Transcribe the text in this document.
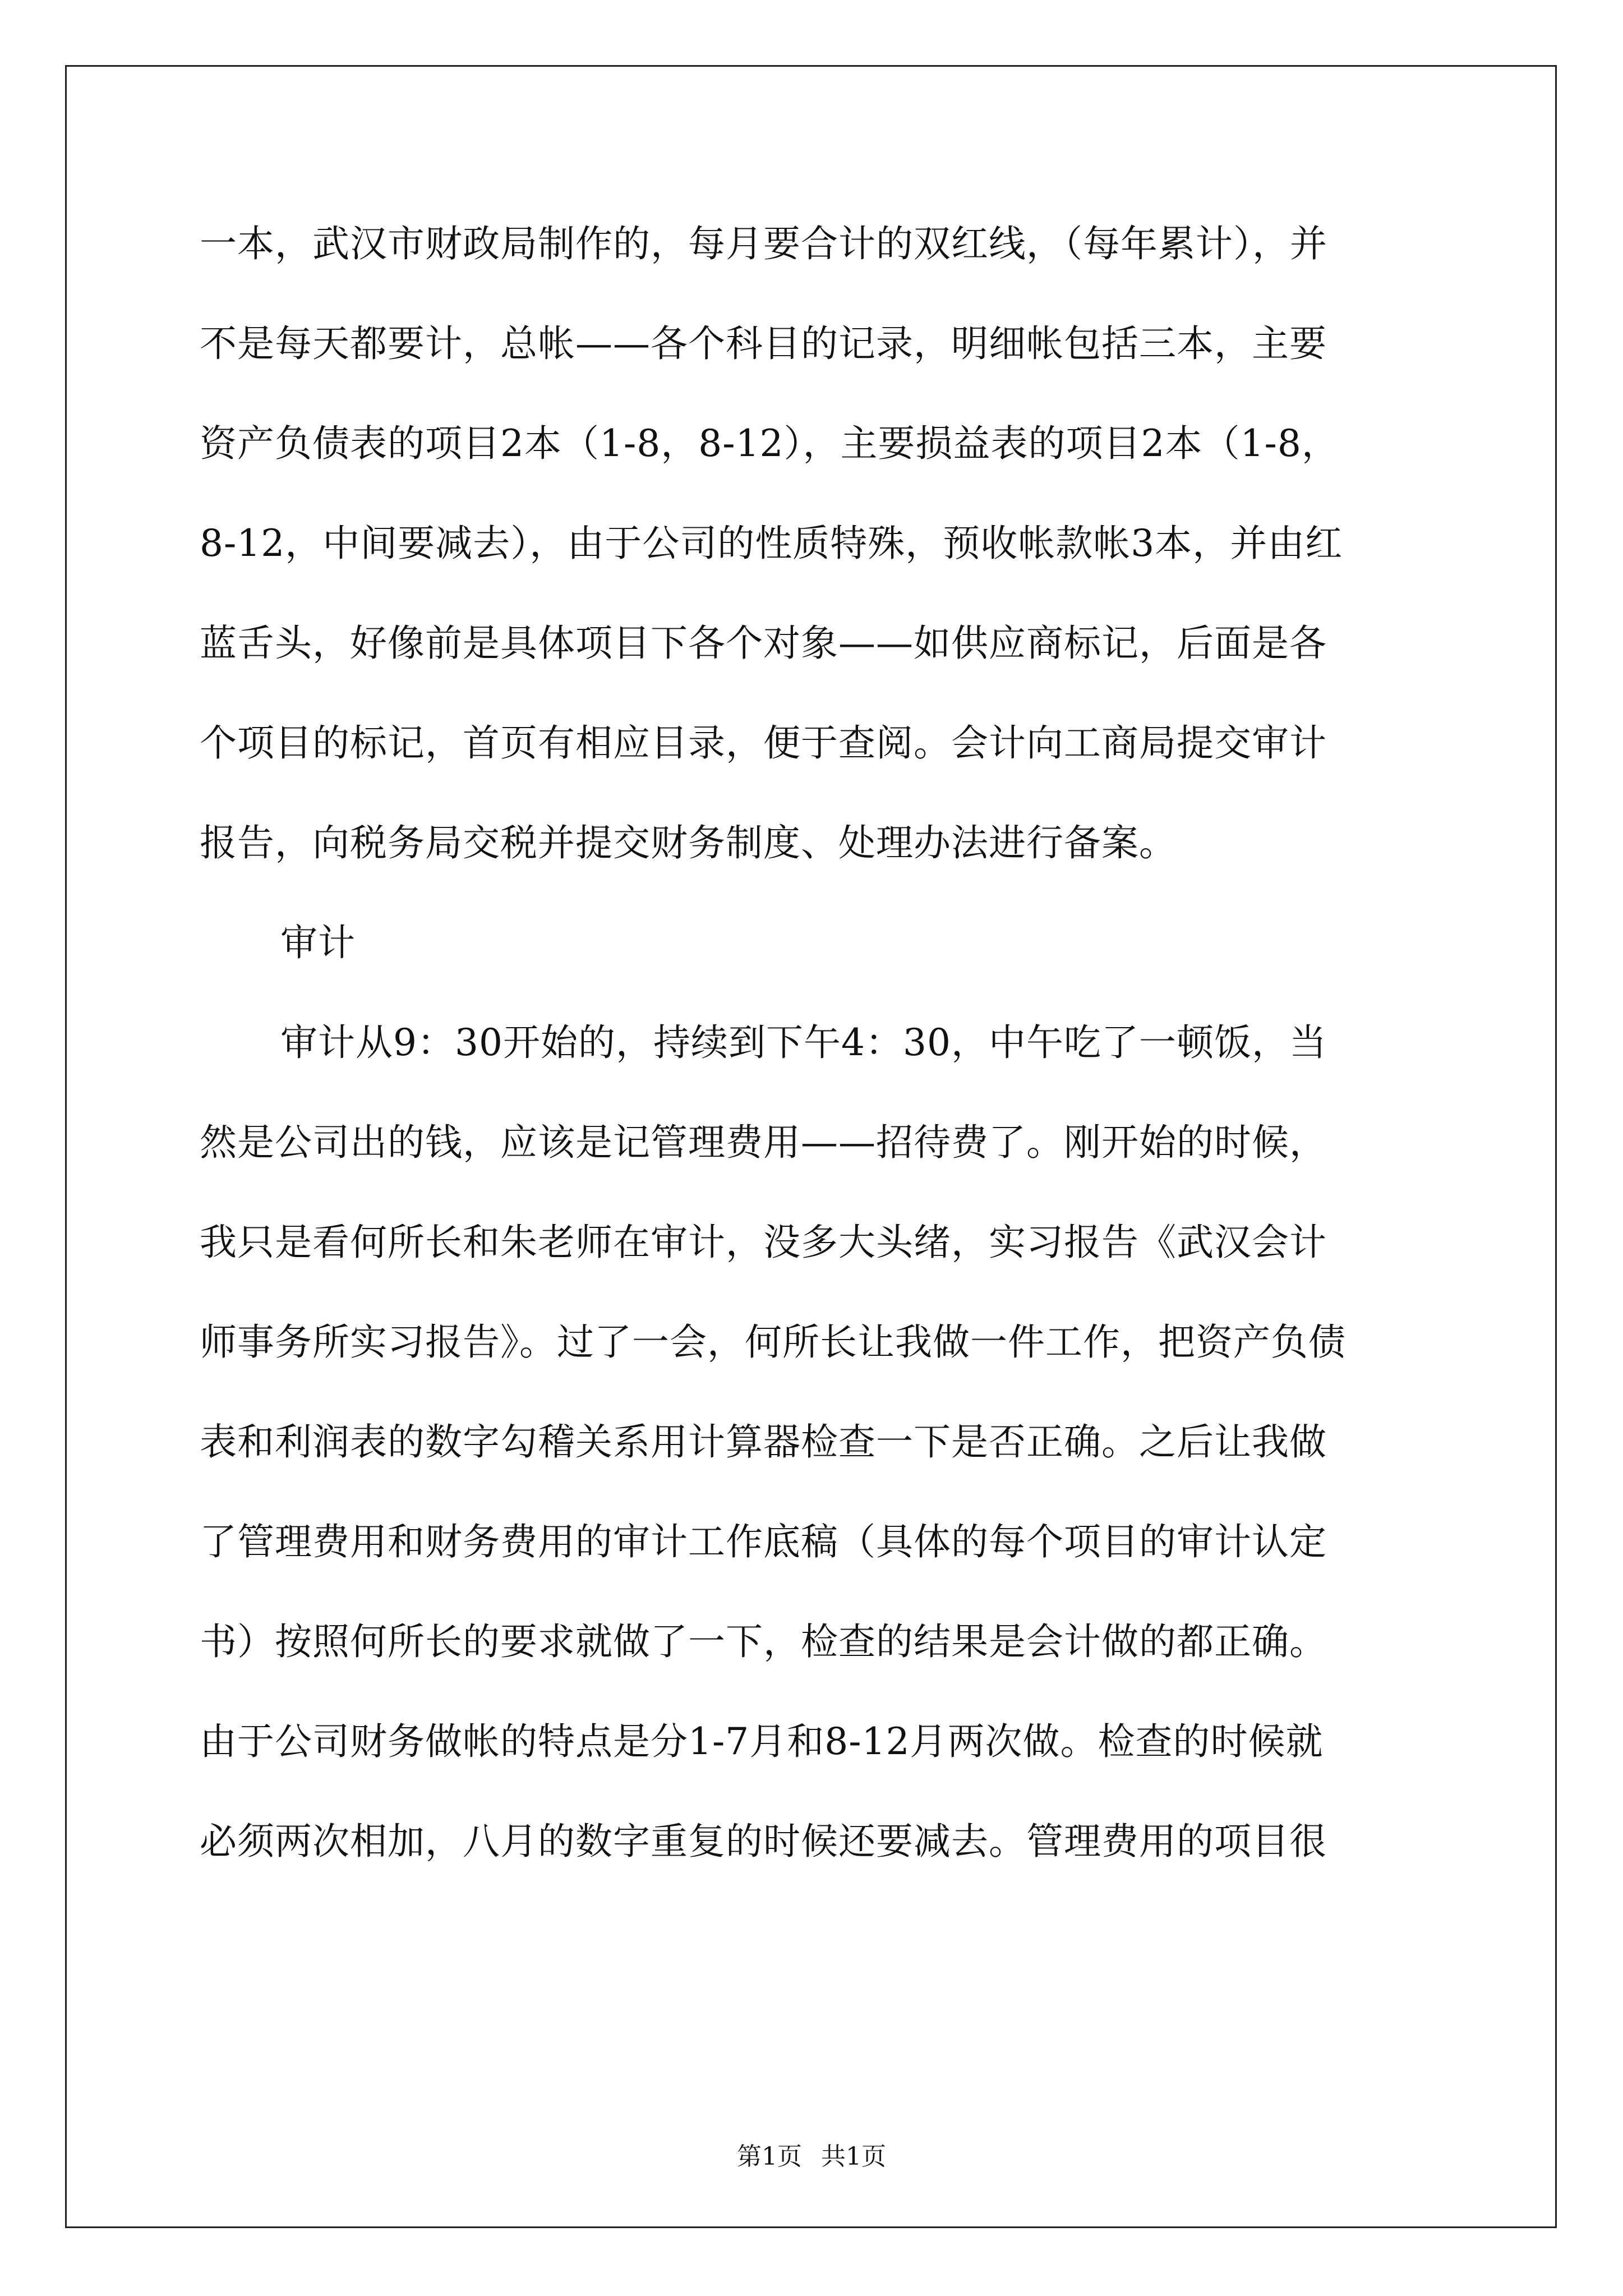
一本，武汉市财政局制作的，每月要合计的双红线，（每年累计），并
不是每天都要计，总帐——各个科目的记录，明细帐包括三本，主要
资产负债表的项目2本（1-8，8-12），主要损益表的项目2本（1-8，
8-12，中间要减去），由于公司的性质特殊，预收帐款帐3本，并由红
蓝舌头，好像前是具体项目下各个对象——如供应商标记，后面是各
个项目的标记，首页有相应目录，便于查阅。会计向工商局提交审计
报告，向税务局交税并提交财务制度、处理办法进行备案。
审计
审计从9：30开始的，持续到下午4：30，中午吃了一顿饭，当
然是公司出的钱，应该是记管理费用——招待费了。刚开始的时候，
我只是看何所长和朱老师在审计，没多大头绪，实习报告《武汉会计
师事务所实习报告》。过了一会，何所长让我做一件工作，把资产负债
表和利润表的数字勾稽关系用计算器检查一下是否正确。之后让我做
了管理费用和财务费用的审计工作底稿（具体的每个项目的审计认定
书）按照何所长的要求就做了一下，检查的结果是会计做的都正确。
由于公司财务做帐的特点是分1-7月和8-12月两次做。检查的时候就
必须两次相加，八月的数字重复的时候还要减去。管理费用的项目很
第1页 共1页
